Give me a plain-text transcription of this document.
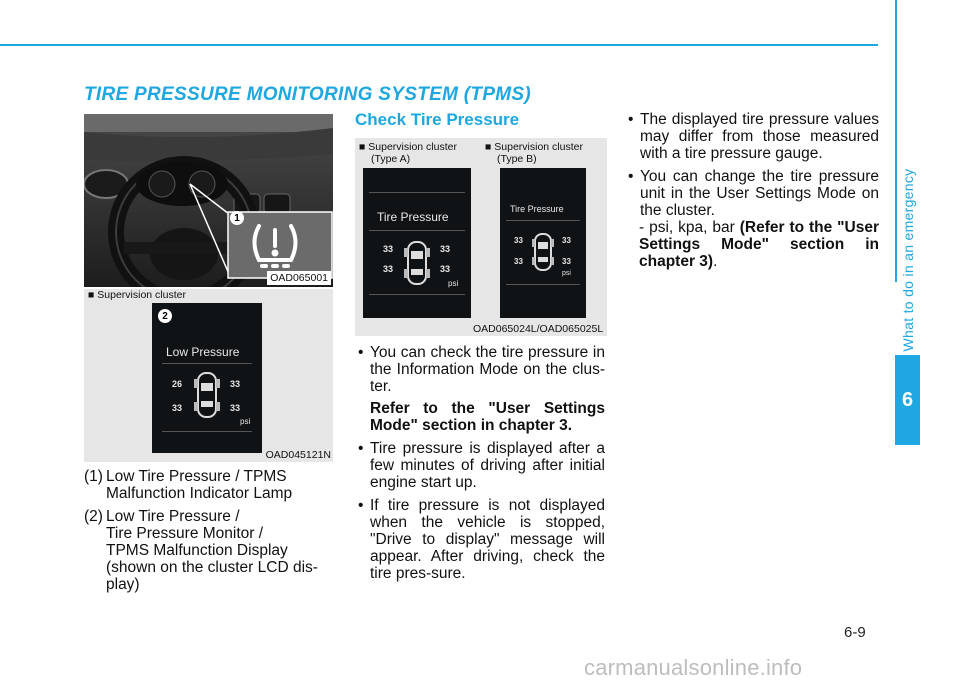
TIRE PRESSURE MONITORING SYSTEM (TPMS)
What to do in an emergency
6
1
OAD065001
■ Supervision cluster
2
Low Pressure
26	33
33	33
psi
OAD045121N
(1) Low Tire Pressure / TPMS
Malfunction Indicator Lamp
(2) Low Tire Pressure /
Tire Pressure Monitor /
TPMS Malfunction Display
(shown on the cluster LCD dis-
play)
Check Tire Pressure
■ Supervision cluster
(Type A)
■ Supervision cluster
(Type B)
Tire Pressure
33	33
33	33
psi
Tire Pressure
33	33
33	33
psi
OAD065024L/OAD065025L
• You can check the tire pressure in the Information Mode on the clus-ter.
Refer to the "User Settings Mode" section in chapter 3.
• Tire pressure is displayed after a few minutes of driving after initial engine start up.
• If tire pressure is not displayed when the vehicle is stopped, "Drive to display" message will appear. After driving, check the tire pres-sure.
• The displayed tire pressure values may differ from those measured with a tire pressure gauge.
• You can change the tire pressure unit in the User Settings Mode on the cluster.
- psi, kpa, bar (Refer to the "User Settings Mode" section in chapter 3).
6-9
carmanualsonline.info
